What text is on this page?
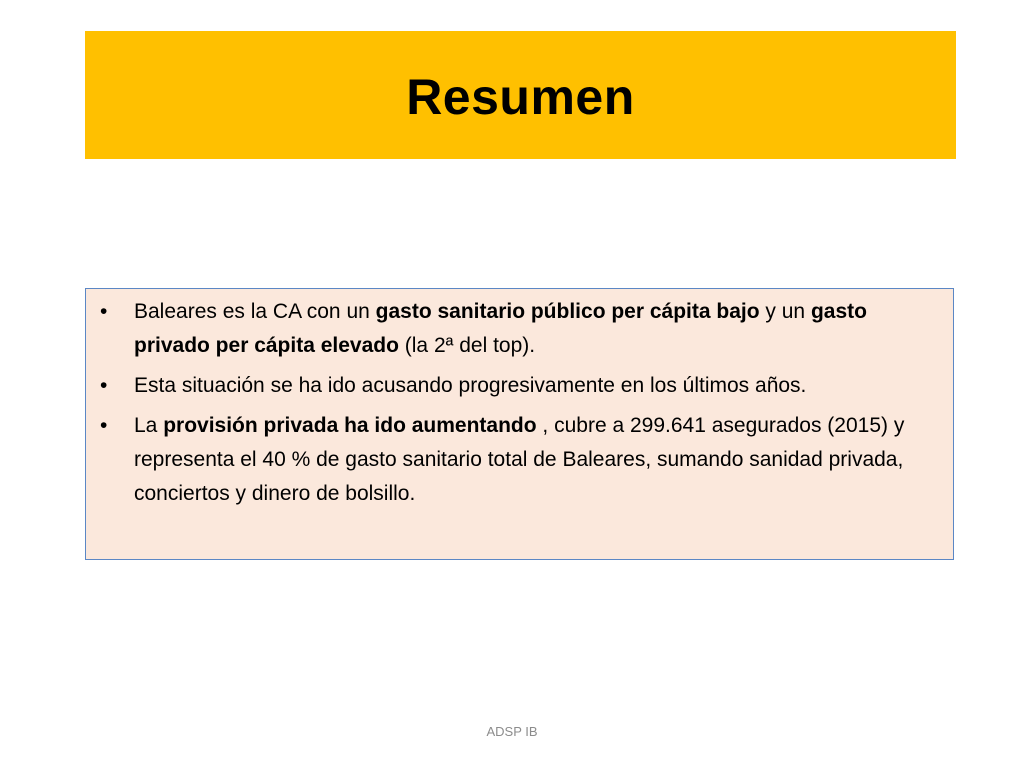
Resumen
• Baleares es la CA con un gasto sanitario público per cápita bajo y un gasto privado per cápita elevado (la 2ª del top).
• Esta situación se ha ido acusando progresivamente en los últimos años.
• La provisión privada ha ido aumentando , cubre a 299.641 asegurados (2015) y representa el 40 % de gasto sanitario total de Baleares, sumando sanidad privada, conciertos y dinero de bolsillo.
ADSP IB
